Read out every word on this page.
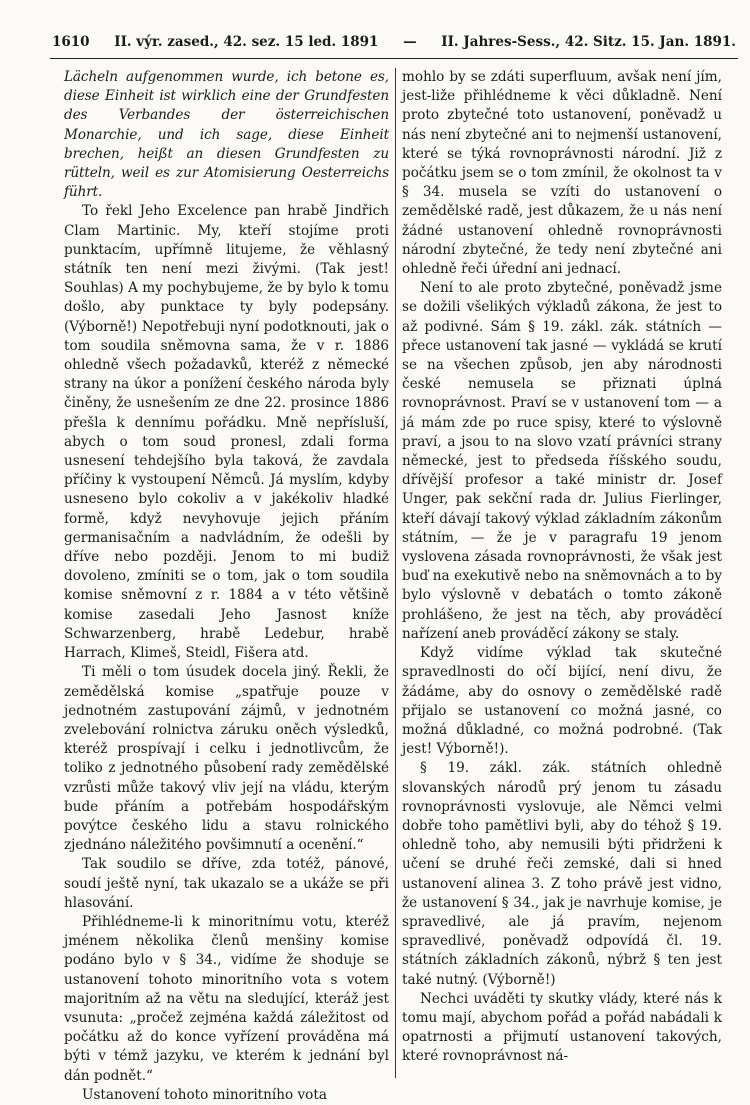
1610 II. výr. zased., 42. sez. 15 led. 1891 — II. Jahres-Sess., 42. Sitz. 15. Jan. 1891.

Lächeln aufgenommen wurde, ich betone es, diese Einheit ist wirklich eine der Grundfesten des Verbandes der österreichischen Monarchie, und ich sage, diese Einheit brechen, heißt an diesen Grundfesten zu rütteln, weil es zur Atomisierung Oesterreichs führt.

To řekl Jeho Excelence pan hrabě Jindřich Clam Martinic. My, kteří stojíme proti punktacím, upřímně litujeme, že věhlasný státník ten není mezi živými. (Tak jest! Souhlas) A my pochybujeme, že by bylo k tomu došlo, aby punktace ty byly podepsány. (Výborně!) Nepotřebuji nyní podotknouti, jak o tom soudila sněmovna sama, že v r. 1886 ohledně všech požadavků, kteréž z německé strany na úkor a ponížení českého národa byly činěny, že usnešením ze dne 22. prosince 1886 přešla k dennímu pořádku. Mně nepřísluší, abych o tom soud pronesl, zdali forma usnesení tehdejšího byla taková, že zavdala příčiny k vystoupení Němců. Já myslím, kdyby usneseno bylo cokoliv a v jakékoliv hladké formě, když nevyhovuje jejich přáním germanisačním a nadvládním, že odešli by dříve nebo později. Jenom to mi budiž dovoleno, zmíniti se o tom, jak o tom soudila komise sněmovní z r. 1884 a v této většině komise zasedali Jeho Jasnost kníže Schwarzenberg, hrabě Ledebur, hrabě Harrach, Klimeš, Steidl, Fišera atd.

Ti měli o tom úsudek docela jiný. Řekli, že zemědělská komise „spatřuje pouze v jednotném zastupování zájmů, v jednotném zvelebování rolnictva záruku oněch výsledků, kteréž prospívají i celku i jednotlivcům, že toliko z jednotného působení rady zemědělské vzrůsti může takový vliv její na vládu, kterým bude přáním a potřebám hospodářským povýtce českého lidu a stavu rolnického zjednáno náležitého povšimnutí a ocenění.“

Tak soudilo se dříve, zda totéž, pánové, soudí ještě nyní, tak ukazalo se a ukáže se při hlasování.

Přihlédneme-li k minoritnímu votu, kteréž jménem několika členů menšiny komise podáno bylo v § 34., vidíme že shoduje se ustanovení tohoto minoritního vota s votem majoritním až na větu na sledující, kteráž jest vsunuta: „pročež zejména každá záležitost od počátku až do konce vyřízení prováděna má býti v témž jazyku, ve kterém k jednání byl dán podnět.“

Ustanovení tohoto minoritního vota

mohlo by se zdáti superfluum, avšak není jím, jest-liže přihlédneme k věci důkladně. Není proto zbytečné toto ustanovení, poněvadž u nás není zbytečné ani to nejmenší ustanovení, které se týká rovnoprávnosti národní. Již z počátku jsem se o tom zmínil, že okolnost ta v § 34. musela se vzíti do ustanovení o zemědělské radě, jest důkazem, že u nás není žádné ustanovení ohledně rovnoprávnosti národní zbytečné, že tedy není zbytečné ani ohledně řeči úřední ani jednací.

Není to ale proto zbytečné, poněvadž jsme se dožili všelikých výkladů zákona, že jest to až podivné. Sám § 19. zákl. zák. státních — přece ustanovení tak jasné — vykládá se krutí se na všechen způsob, jen aby národnosti české nemusela se přiznati úplná rovnoprávnost. Praví se v ustanovení tom — a já mám zde po ruce spisy, které to výslovně praví, a jsou to na slovo vzatí právníci strany německé, jest to předseda říšského soudu, dřívější profesor a také ministr dr. Josef Unger, pak sekční rada dr. Julius Fierlinger, kteří dávají takový výklad základním zákonům státním, — že je v paragrafu 19 jenom vyslovena zásada rovnoprávnosti, že však jest buď na exekutivě nebo na sněmovnách a to by bylo výslovně v debatách o tomto zákoně prohlášeno, že jest na těch, aby prováděcí nařízení aneb prováděcí zákony se staly.

Když vidíme výklad tak skutečné spravedlnosti do očí bijící, není divu, že žádáme, aby do osnovy o zemědělské radě přijalo se ustanovení co možná jasné, co možná důkladné, co možná podrobné. (Tak jest! Výborně!).

§ 19. zákl. zák. státních ohledně slovanských národů prý jenom tu zásadu rovnoprávnosti vyslovuje, ale Němci velmi dobře toho pamětlivi byli, aby do téhož § 19. ohledně toho, aby nemusili býti přidrženi k učení se druhé řeči zemské, dali si hned ustanovení alinea 3. Z toho právě jest vidno, že ustanovení § 34., jak je navrhuje komise, je spravedlivé, ale já pravím, nejenom spravedlivé, poněvadž odpovídá čl. 19. státních základních zákonů, nýbrž § ten jest také nutný. (Výborně!)

Nechci uváděti ty skutky vlády, které nás k tomu mají, abychom pořád a pořád nabádali k opatrnosti a přijmutí ustanovení takových, které rovnoprávnost ná-
